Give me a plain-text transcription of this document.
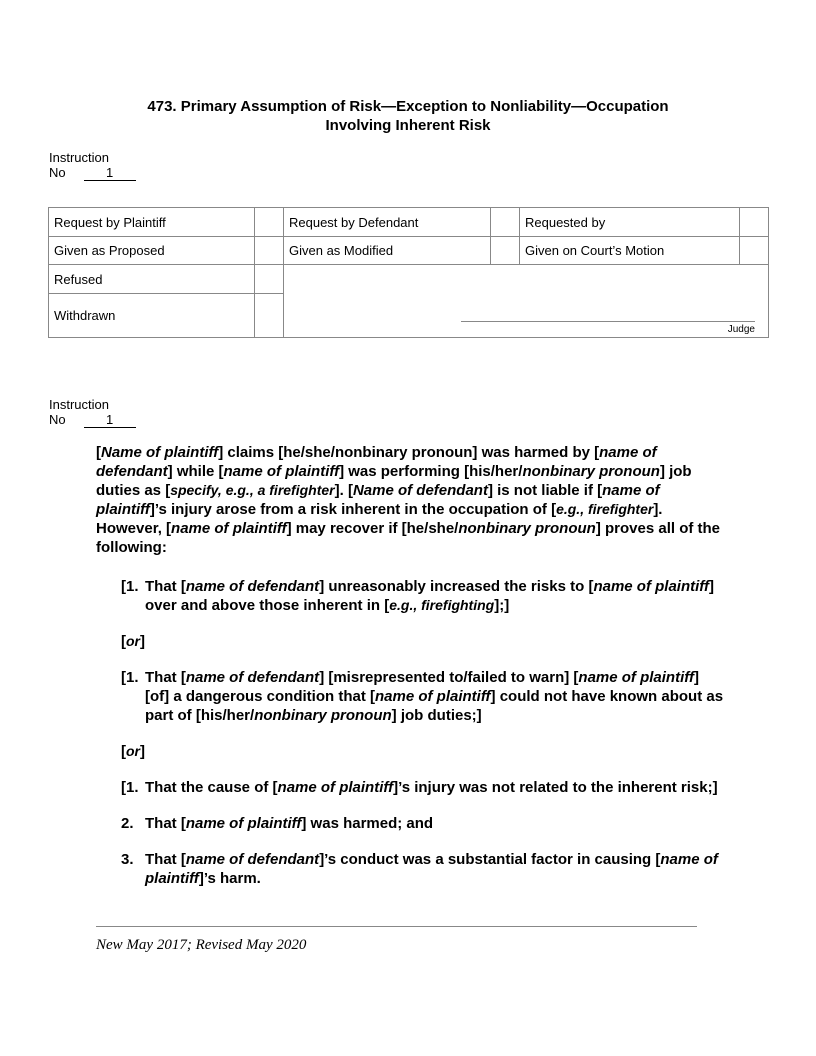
473. Primary Assumption of Risk—Exception to Nonliability—Occupation
Involving Inherent Risk
Instruction
No	1
Request by Plaintiff		Request by Defendant		Requested by	
Given as Proposed		Given as Modified		Given on Court’s Motion	
Refused		Judge			

Withdrawn					
Instruction
No	1

[Name of plaintiff] claims [he/she/nonbinary pronoun] was harmed by [name of defendant] while [name of plaintiff] was performing [his/her/nonbinary pronoun] job duties as [specify, e.g., a firefighter]. [Name of defendant] is not liable if [name of plaintiff]’s injury arose from a risk inherent in the occupation of [e.g., firefighter]. However, [name of plaintiff] may recover if [he/she/nonbinary pronoun] proves all of the following:

[1. That [name of defendant] unreasonably increased the risks to [name of plaintiff] over and above those inherent in [e.g., firefighting];]
[or]
[1. That [name of defendant] [misrepresented to/failed to warn] [name of plaintiff] [of] a dangerous condition that [name of plaintiff] could not have known about as part of [his/her/nonbinary pronoun] job duties;]
[or]
[1. That the cause of [name of plaintiff]’s injury was not related to the inherent risk;]
2. That [name of plaintiff] was harmed; and
3. That [name of defendant]’s conduct was a substantial factor in causing [name of plaintiff]’s harm.
New May 2017; Revised May 2020
